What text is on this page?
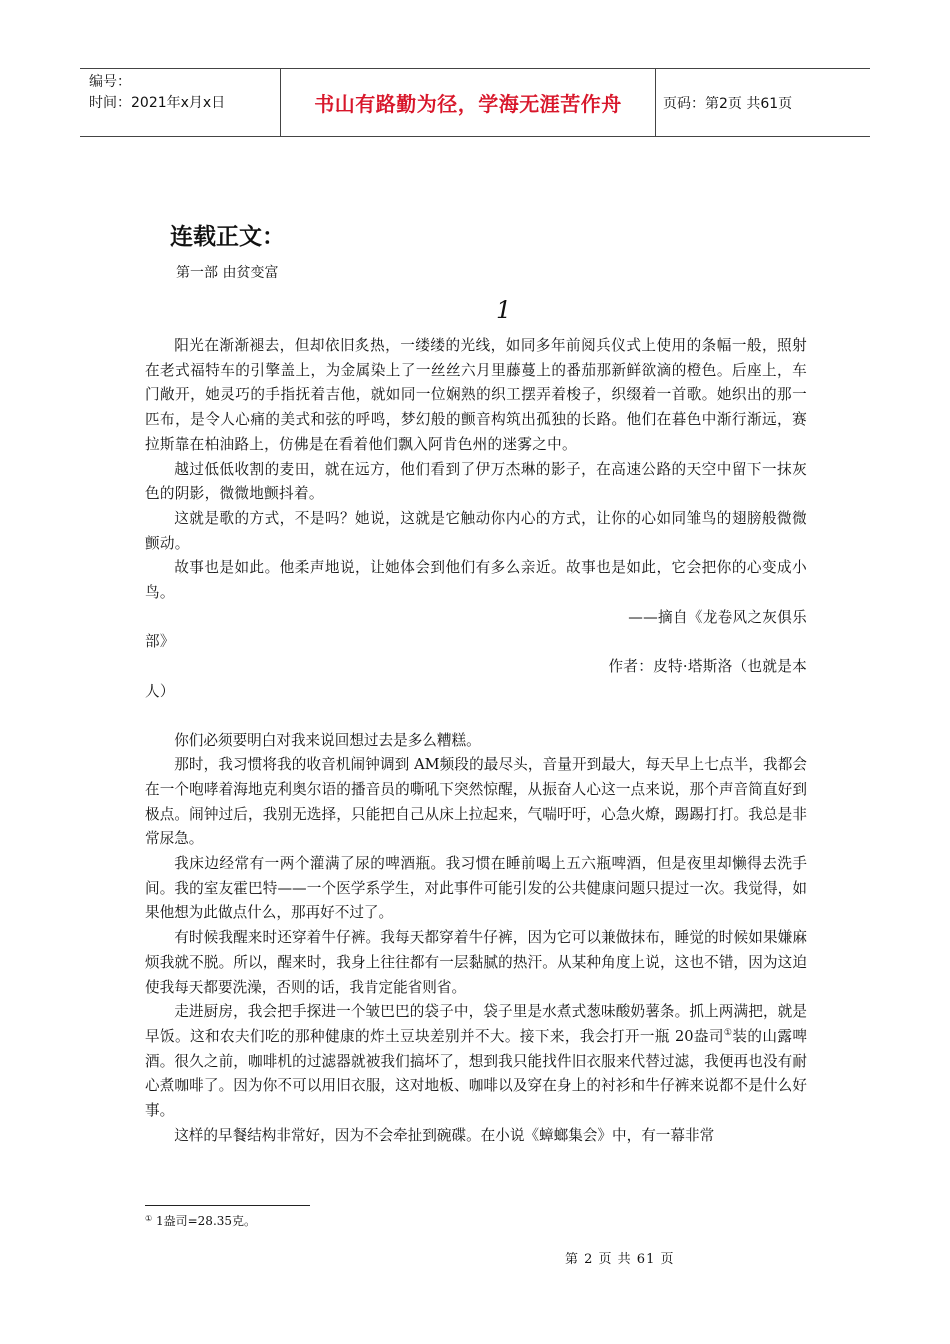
编号：
时间：2021年x月x日	书山有路勤为径，学海无涯苦作舟	页码：第2页 共61页
连载正文：
第一部 由贫变富
1

阳光在渐渐褪去，但却依旧炙热，一缕缕的光线，如同多年前阅兵仪式上使用的条幅一般，照射在老式福特车的引擎盖上，为金属染上了一丝丝六月里藤蔓上的番茄那新鲜欲滴的橙色。后座上，车门敞开，她灵巧的手指抚着吉他，就如同一位娴熟的织工摆弄着梭子，织缀着一首歌。她织出的那一匹布，是令人心痛的美式和弦的呼鸣，梦幻般的颤音构筑出孤独的长路。他们在暮色中渐行渐远，赛拉斯靠在柏油路上，仿佛是在看着他们飘入阿肯色州的迷雾之中。

越过低低收割的麦田，就在远方，他们看到了伊万杰琳的影子，在高速公路的天空中留下一抹灰色的阴影，微微地颤抖着。

这就是歌的方式，不是吗？她说，这就是它触动你内心的方式，让你的心如同雏鸟的翅膀般微微颤动。

故事也是如此。他柔声地说，让她体会到他们有多么亲近。故事也是如此，它会把你的心变成小鸟。

——摘自《龙卷风之灰俱乐
部》
作者：皮特·塔斯洛（也就是本
人）

你们必须要明白对我来说回想过去是多么糟糕。

那时，我习惯将我的收音机闹钟调到 AM频段的最尽头，音量开到最大，每天早上七点半，我都会在一个咆哮着海地克利奥尔语的播音员的嘶吼下突然惊醒，从振奋人心这一点来说，那个声音简直好到极点。闹钟过后，我别无选择，只能把自己从床上拉起来，气喘吁吁，心急火燎，踢踢打打。我总是非常尿急。

我床边经常有一两个灌满了尿的啤酒瓶。我习惯在睡前喝上五六瓶啤酒，但是夜里却懒得去洗手间。我的室友霍巴特——一个医学系学生，对此事件可能引发的公共健康问题只提过一次。我觉得，如果他想为此做点什么，那再好不过了。

有时候我醒来时还穿着牛仔裤。我每天都穿着牛仔裤，因为它可以兼做抹布，睡觉的时候如果嫌麻烦我就不脱。所以，醒来时，我身上往往都有一层黏腻的热汗。从某种角度上说，这也不错，因为这迫使我每天都要洗澡，否则的话，我肯定能省则省。

走进厨房，我会把手探进一个皱巴巴的袋子中，袋子里是水煮式葱味酸奶薯条。抓上两满把，就是早饭。这和农夫们吃的那种健康的炸土豆块差别并不大。接下来，我会打开一瓶 20盎司①装的山露啤酒。很久之前，咖啡机的过滤器就被我们搞坏了，想到我只能找件旧衣服来代替过滤，我便再也没有耐心煮咖啡了。因为你不可以用旧衣服，这对地板、咖啡以及穿在身上的衬衫和牛仔裤来说都不是什么好事。

这样的早餐结构非常好，因为不会牵扯到碗碟。在小说《蟑螂集会》中，有一幕非常

① 1盎司=28.35克。
第 2 页 共 61 页
